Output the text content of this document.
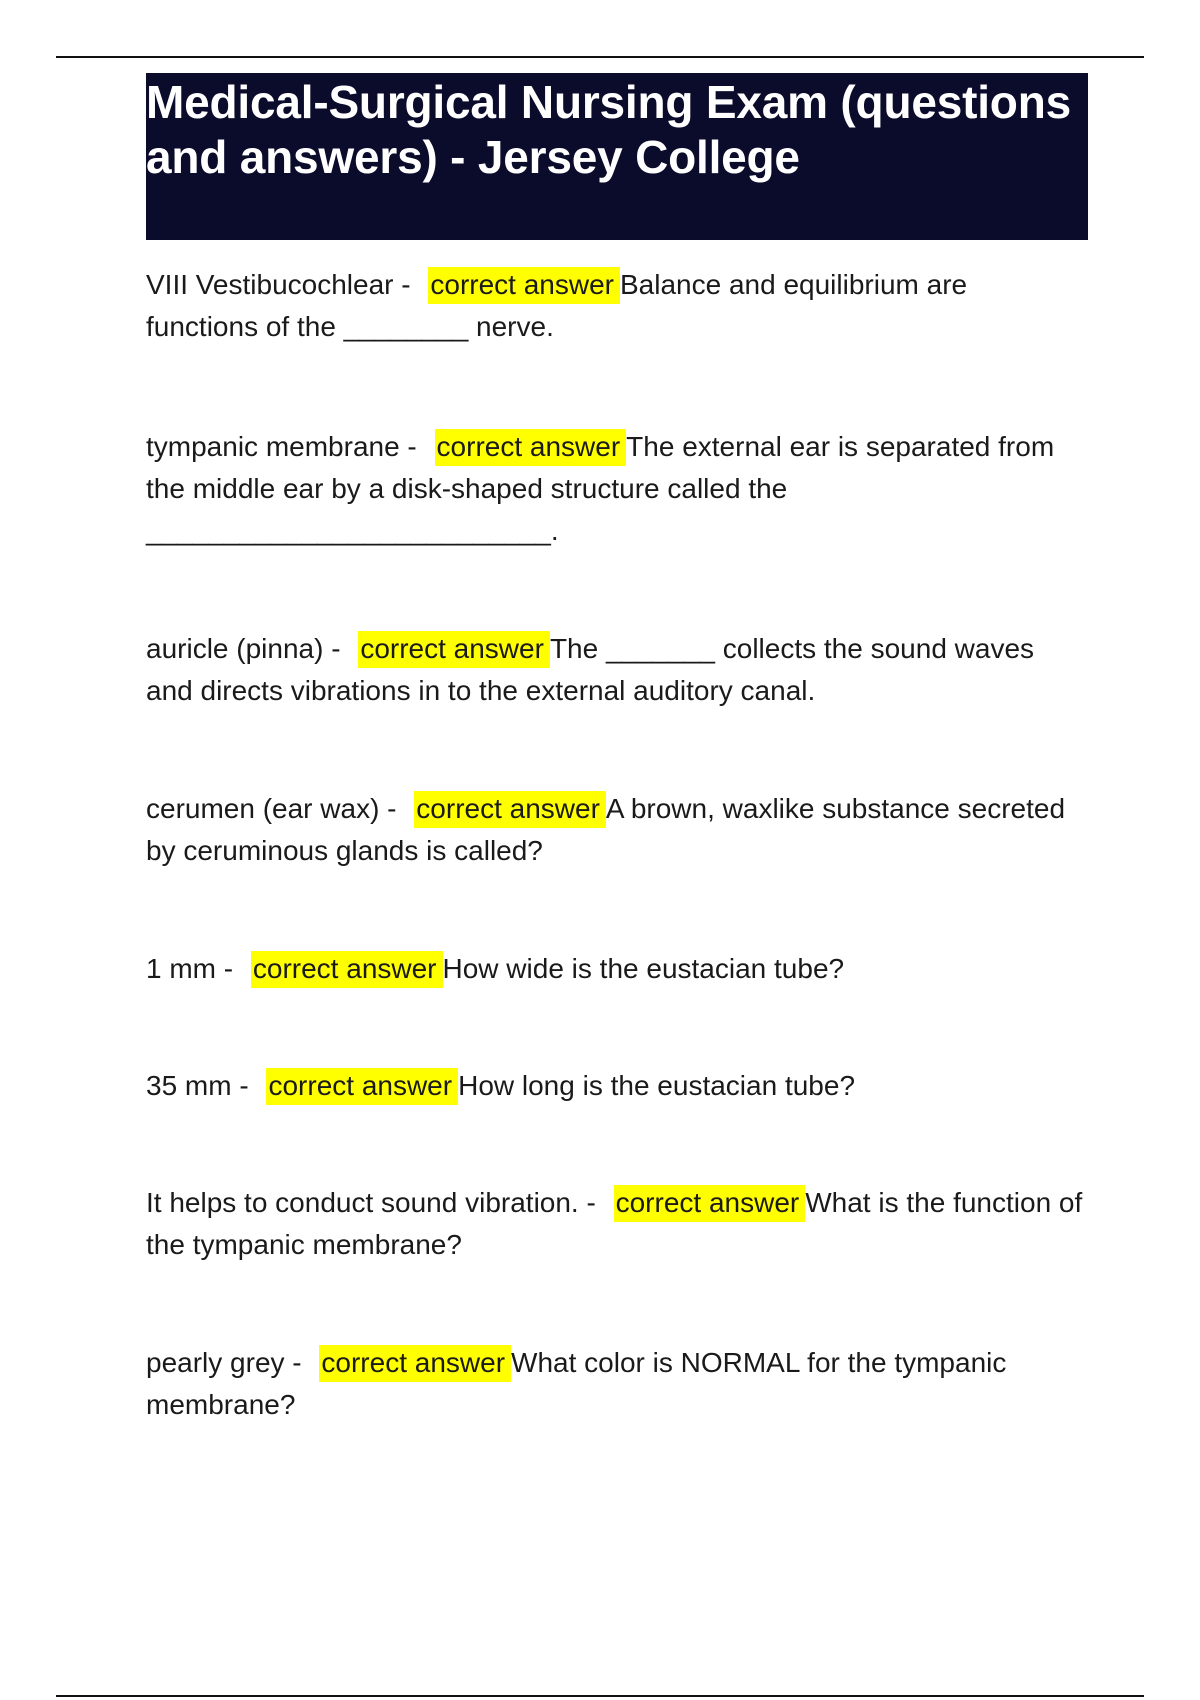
Medical-Surgical Nursing Exam (questions and answers) - Jersey College

VIII Vestibucochlear - correct answer Balance and equilibrium are functions of the ________ nerve.

tympanic membrane - correct answer The external ear is separated from the middle ear by a disk-shaped structure called the __________________________.

auricle (pinna) - correct answer The _______ collects the sound waves and directs vibrations in to the external auditory canal.

cerumen (ear wax) - correct answer A brown, waxlike substance secreted by ceruminous glands is called?

1 mm - correct answer How wide is the eustacian tube?

35 mm - correct answer How long is the eustacian tube?

It helps to conduct sound vibration. - correct answer What is the function of the tympanic membrane?

pearly grey - correct answer What color is NORMAL for the tympanic membrane?
